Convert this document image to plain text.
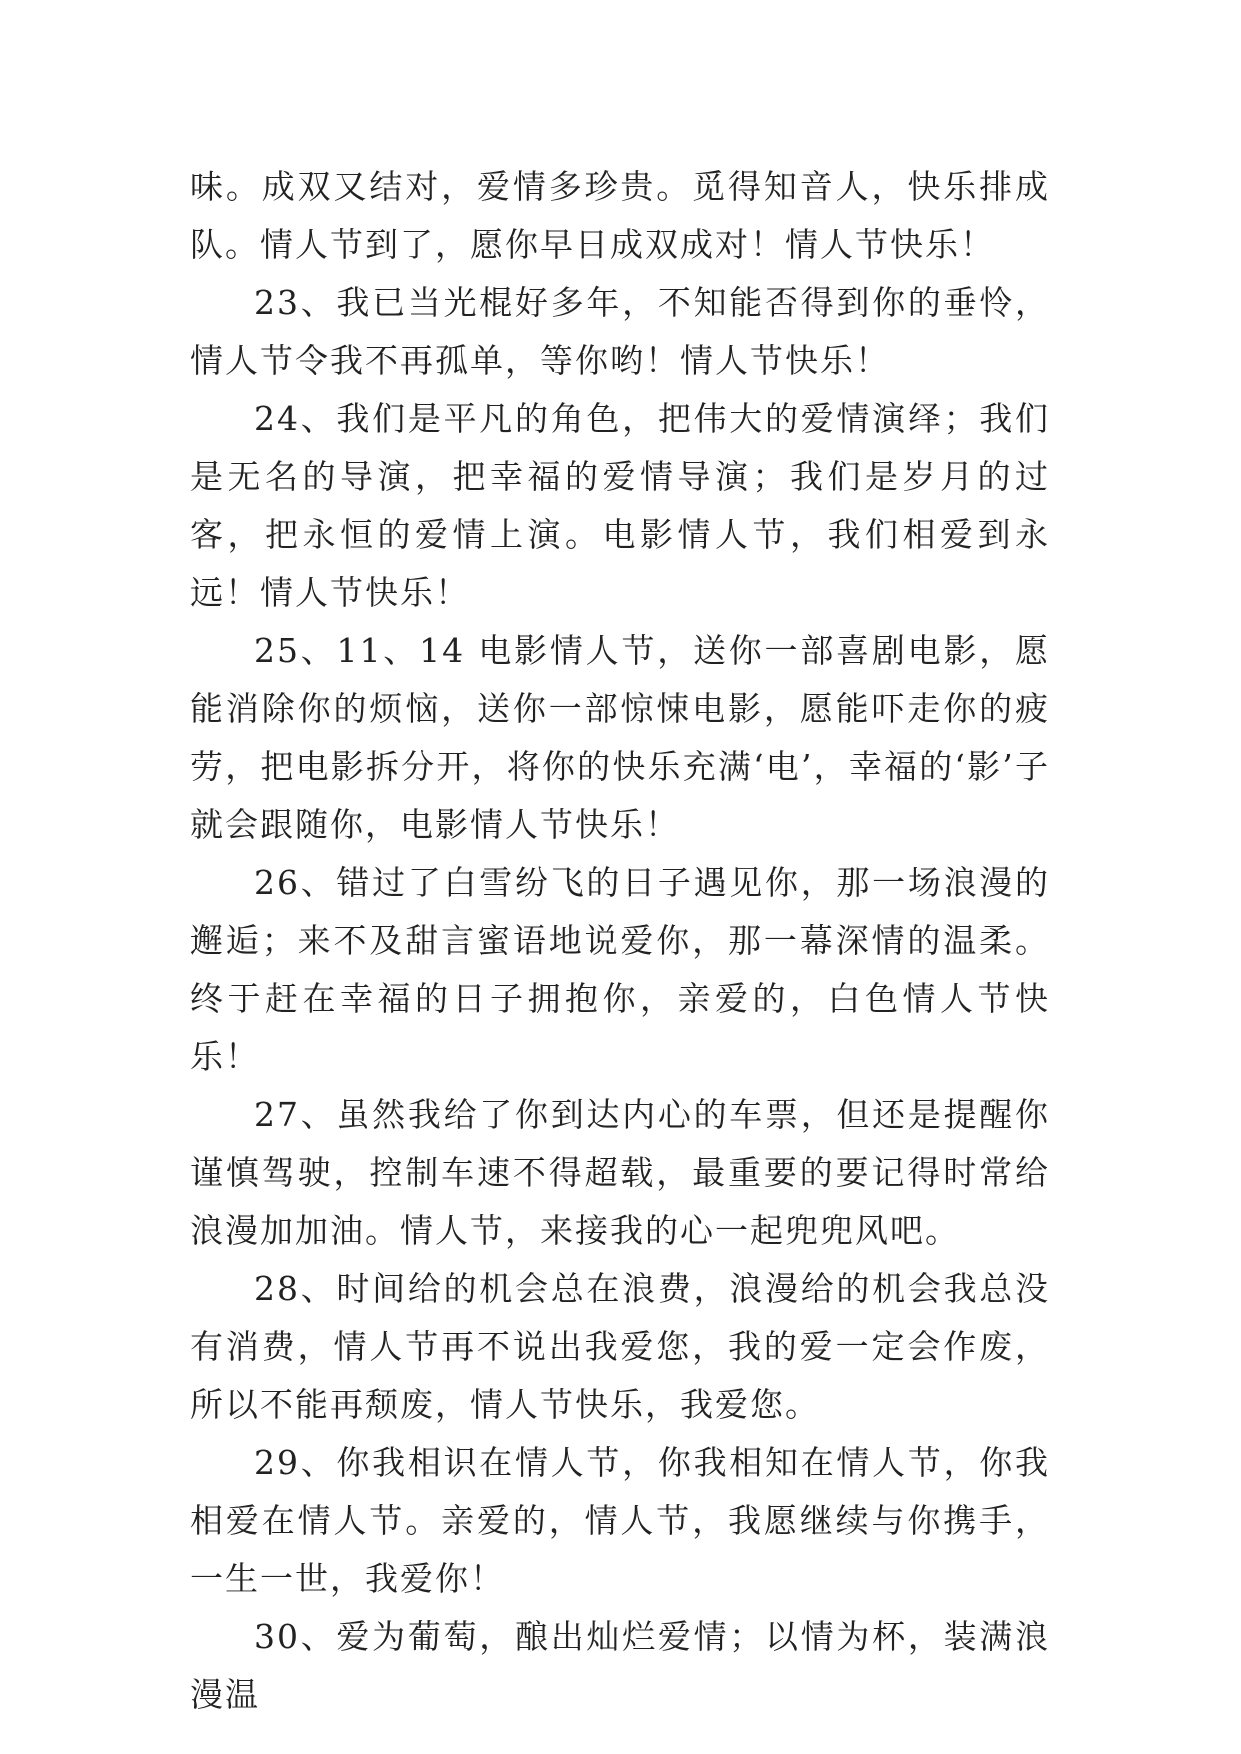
味。成双又结对，爱情多珍贵。觅得知音人，快乐排成队。情人节到了，愿你早日成双成对！情人节快乐！

23、我已当光棍好多年，不知能否得到你的垂怜，情人节令我不再孤单，等你哟！情人节快乐！

24、我们是平凡的角色，把伟大的爱情演绎；我们是无名的导演，把幸福的爱情导演；我们是岁月的过客，把永恒的爱情上演。电影情人节，我们相爱到永远！情人节快乐！

25、11、14 电影情人节，送你一部喜剧电影，愿能消除你的烦恼，送你一部惊悚电影，愿能吓走你的疲劳，把电影拆分开，将你的快乐充满‘电’，幸福的‘影’子就会跟随你，电影情人节快乐！

26、错过了白雪纷飞的日子遇见你，那一场浪漫的邂逅；来不及甜言蜜语地说爱你，那一幕深情的温柔。终于赶在幸福的日子拥抱你，亲爱的，白色情人节快乐！

27、虽然我给了你到达内心的车票，但还是提醒你谨慎驾驶，控制车速不得超载，最重要的要记得时常给浪漫加加油。情人节，来接我的心一起兜兜风吧。

28、时间给的机会总在浪费，浪漫给的机会我总没有消费，情人节再不说出我爱您，我的爱一定会作废，所以不能再颓废，情人节快乐，我爱您。

29、你我相识在情人节，你我相知在情人节，你我相爱在情人节。亲爱的，情人节，我愿继续与你携手，一生一世，我爱你！

30、爱为葡萄，酿出灿烂爱情；以情为杯，装满浪漫温
